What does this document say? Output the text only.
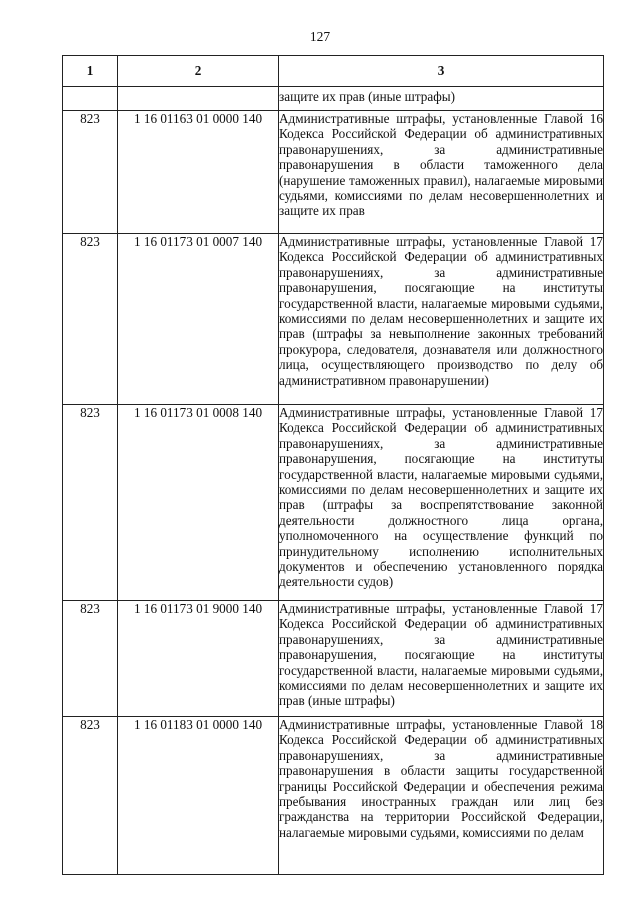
127
1	2	3
		защите их прав (иные штрафы)
823	1 16 01163 01 0000 140	Административные штрафы, установленные Главой 16 Кодекса Российской Федерации об административных правонарушениях, за административные правонарушения в области таможенного дела (нарушение таможенных правил), налагаемые мировыми судьями, комиссиями по делам несовершеннолетних и защите их прав
823	1 16 01173 01 0007 140	Административные штрафы, установленные Главой 17 Кодекса Российской Федерации об административных правонарушениях, за административные правонарушения, посягающие на институты государственной власти, налагаемые мировыми судьями, комиссиями по делам несовершеннолетних и защите их прав (штрафы за невыполнение законных требований прокурора, следователя, дознавателя или должностного лица, осуществляющего производство по делу об административном правонарушении)
823	1 16 01173 01 0008 140	Административные штрафы, установленные Главой 17 Кодекса Российской Федерации об административных правонарушениях, за административные правонарушения, посягающие на институты государственной власти, налагаемые мировыми судьями, комиссиями по делам несовершеннолетних и защите их прав (штрафы за воспрепятствование законной деятельности должностного лица органа, уполномоченного на осуществление функций по принудительному исполнению исполнительных документов и обеспечению установленного порядка деятельности судов)
823	1 16 01173 01 9000 140	Административные штрафы, установленные Главой 17 Кодекса Российской Федерации об административных правонарушениях, за административные правонарушения, посягающие на институты государственной власти, налагаемые мировыми судьями, комиссиями по делам несовершеннолетних и защите их прав (иные штрафы)
823	1 16 01183 01 0000 140	Административные штрафы, установленные Главой 18 Кодекса Российской Федерации об административных правонарушениях, за административные правонарушения в области защиты государственной границы Российской Федерации и обеспечения режима пребывания иностранных граждан или лиц без гражданства на территории Российской Федерации, налагаемые мировыми судьями, комиссиями по делам
